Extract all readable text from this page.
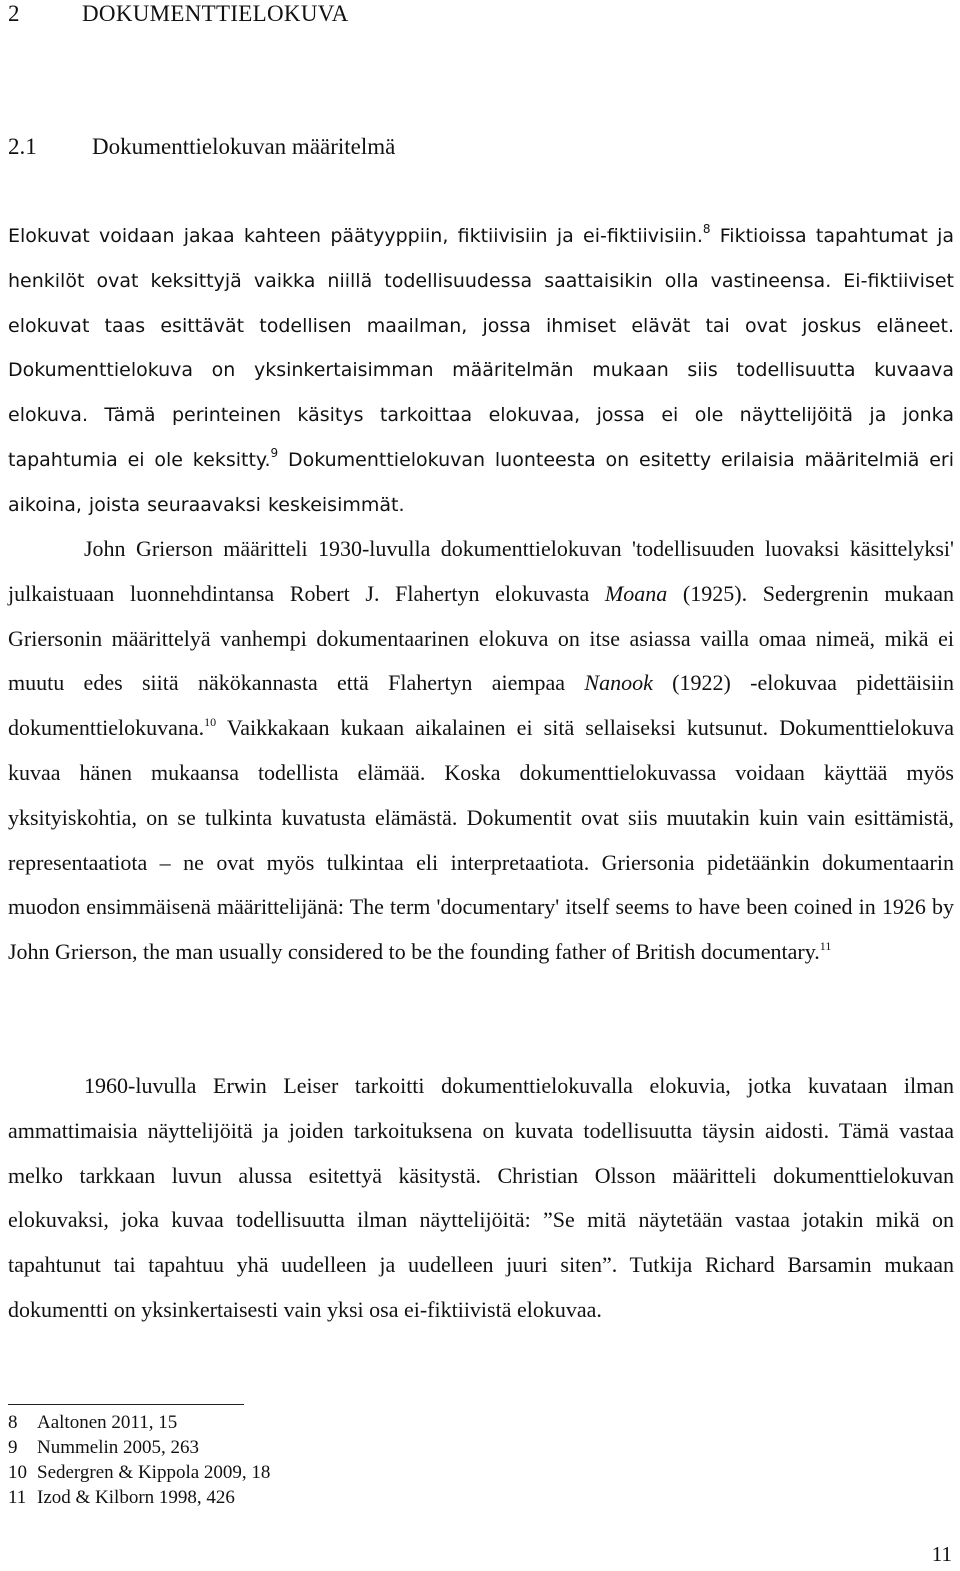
2	DOKUMENTTIELOKUVA
2.1 Dokumenttielokuvan määritelmä

Elokuvat voidaan jakaa kahteen päätyyppiin, fiktiivisiin ja ei-fiktiivisiin.$^8$ Fiktioissa tapahtumat ja henkilöt ovat keksittyjä vaikka niillä todellisuudessa saattaisikin olla vastineensa. Ei-fiktiiviset elokuvat taas esittävät todellisen maailman, jossa ihmiset elävät tai ovat joskus eläneet. Dokumenttielokuva on yksinkertaisimman määritelmän mukaan siis todellisuutta kuvaava elokuva. Tämä perinteinen käsitys tarkoittaa elokuvaa, jossa ei ole näyttelijöitä ja jonka tapahtumia ei ole keksitty.$^9$ Dokumenttielokuvan luonteesta on esitetty erilaisia määritelmiä eri aikoina, joista seuraavaksi keskeisimmät.

John Grierson määritteli 1930-luvulla dokumenttielokuvan 'todellisuuden luovaksi käsittelyksi' julkaistuaan luonnehdintansa Robert J. Flahertyn elokuvasta Moana (1925). Sedergrenin mukaan Griersonin määrittelyä vanhempi dokumentaarinen elokuva on itse asiassa vailla omaa nimeä, mikä ei muutu edes siitä näkökannasta että Flahertyn aiempaa Nanook (1922) -elokuvaa pidettäisiin dokumenttielokuvana.$^{10}$ Vaikkakaan kukaan aikalainen ei sitä sellaiseksi kutsunut. Dokumenttielokuva kuvaa hänen mukaansa todellista elämää. Koska dokumenttielokuvassa voidaan käyttää myös yksityiskohtia, on se tulkinta kuvatusta elämästä. Dokumentit ovat siis muutakin kuin vain esittämistä, representaatiota – ne ovat myös tulkintaa eli interpretaatiota. Griersonia pidetäänkin dokumentaarin muodon ensimmäisenä määrittelijänä: The term 'documentary' itself seems to have been coined in 1926 by John Grierson, the man usually considered to be the founding father of British documentary.$^{11}$

1960-luvulla Erwin Leiser tarkoitti dokumenttielokuvalla elokuvia, jotka kuvataan ilman ammattimaisia näyttelijöitä ja joiden tarkoituksena on kuvata todellisuutta täysin aidosti. Tämä vastaa melko tarkkaan luvun alussa esitettyä käsitystä. Christian Olsson määritteli dokumenttielokuvan elokuvaksi, joka kuvaa todellisuutta ilman näyttelijöitä: ”Se mitä näytetään vastaa jotakin mikä on tapahtunut tai tapahtuu yhä uudelleen ja uudelleen juuri siten”. Tutkija Richard Barsamin mukaan dokumentti on yksinkertaisesti vain yksi osa ei-fiktiivistä elokuvaa.

8 Aaltonen 2011, 15
9 Nummelin 2005, 263
10 Sedergren & Kippola 2009, 18
11 Izod & Kilborn 1998, 426
11
